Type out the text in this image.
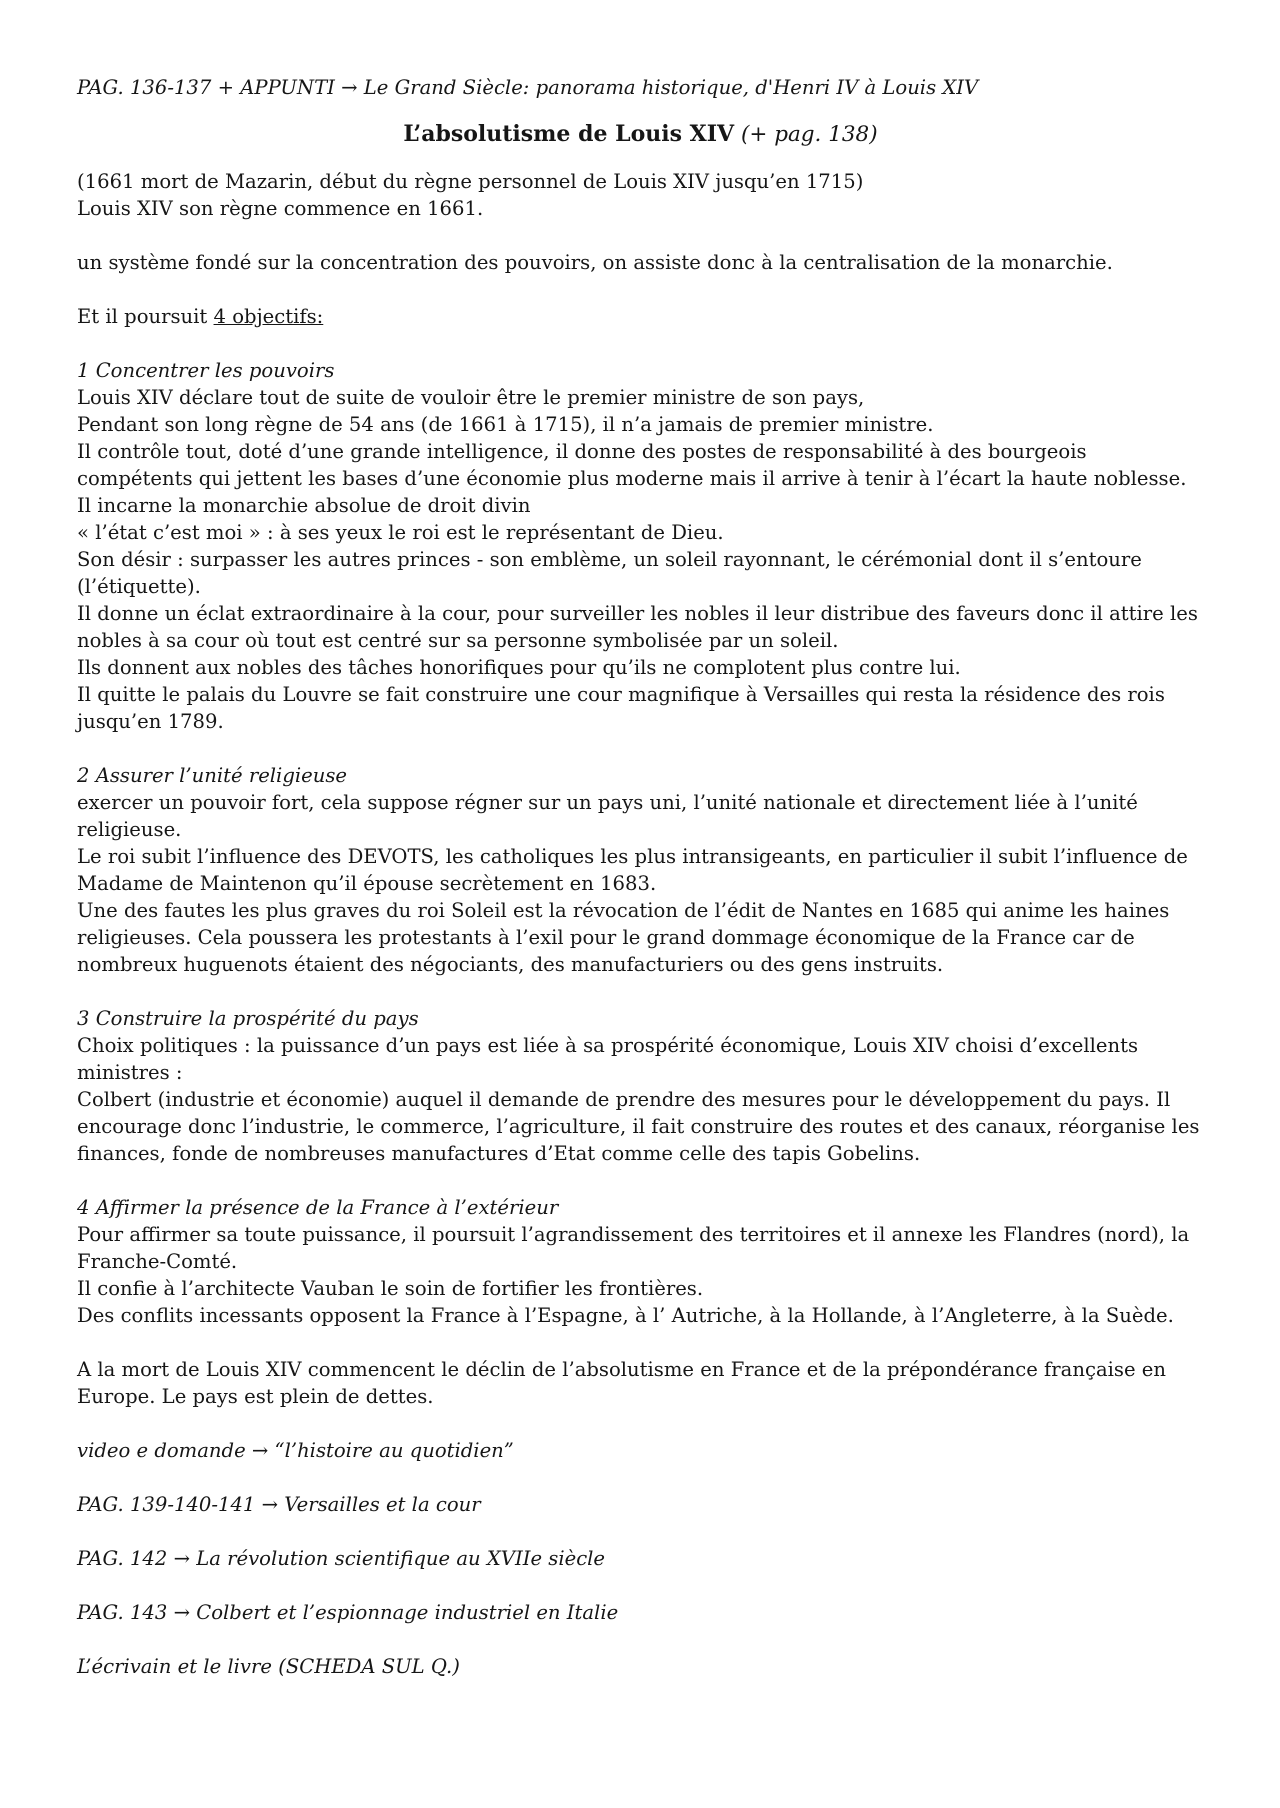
PAG. 136-137 + APPUNTI → Le Grand Siècle: panorama historique, d'Henri IV à Louis XIV
L’absolutisme de Louis XIV (+ pag. 138)
(1661 mort de Mazarin, début du règne personnel de Louis XIV jusqu’en 1715)
Louis XIV son règne commence en 1661.
un système fondé sur la concentration des pouvoirs, on assiste donc à la centralisation de la monarchie.
Et il poursuit 4 objectifs:
1 Concentrer les pouvoirs
Louis XIV déclare tout de suite de vouloir être le premier ministre de son pays,
Pendant son long règne de 54 ans (de 1661 à 1715), il n’a jamais de premier ministre.
Il contrôle tout, doté d’une grande intelligence, il donne des postes de responsabilité à des bourgeois compétents qui jettent les bases d’une économie plus moderne mais il arrive à tenir à l’écart la haute noblesse.
Il incarne la monarchie absolue de droit divin
« l’état c’est moi » : à ses yeux le roi est le représentant de Dieu.
Son désir : surpasser les autres princes - son emblème, un soleil rayonnant, le cérémonial dont il s’entoure (l’étiquette).
Il donne un éclat extraordinaire à la cour, pour surveiller les nobles il leur distribue des faveurs donc il attire les nobles à sa cour où tout est centré sur sa personne symbolisée par un soleil.
Ils donnent aux nobles des tâches honorifiques pour qu’ils ne complotent plus contre lui.
Il quitte le palais du Louvre se fait construire une cour magnifique à Versailles qui resta la résidence des rois jusqu’en 1789.
2 Assurer l’unité religieuse
exercer un pouvoir fort, cela suppose régner sur un pays uni, l’unité nationale et directement liée à l’unité religieuse.
Le roi subit l’influence des DEVOTS, les catholiques les plus intransigeants, en particulier il subit l’influence de Madame de Maintenon qu’il épouse secrètement en 1683.
Une des fautes les plus graves du roi Soleil est la révocation de l’édit de Nantes en 1685 qui anime les haines religieuses. Cela poussera les protestants à l’exil pour le grand dommage économique de la France car de nombreux huguenots étaient des négociants, des manufacturiers ou des gens instruits.
3 Construire la prospérité du pays
Choix politiques : la puissance d’un pays est liée à sa prospérité économique, Louis XIV choisi d’excellents ministres :
Colbert (industrie et économie) auquel il demande de prendre des mesures pour le développement du pays. Il encourage donc l’industrie, le commerce, l’agriculture, il fait construire des routes et des canaux, réorganise les finances, fonde de nombreuses manufactures d’Etat comme celle des tapis Gobelins.
4 Affirmer la présence de la France à l’extérieur
Pour affirmer sa toute puissance, il poursuit l’agrandissement des territoires et il annexe les Flandres (nord), la Franche-Comté.
Il confie à l’architecte Vauban le soin de fortifier les frontières.
Des conflits incessants opposent la France à l’Espagne, à l’ Autriche, à la Hollande, à l’Angleterre, à la Suède.
A la mort de Louis XIV commencent le déclin de l’absolutisme en France et de la prépondérance française en Europe. Le pays est plein de dettes.
video e domande → “l’histoire au quotidien”
PAG. 139-140-141 → Versailles et la cour
PAG. 142 → La révolution scientifique au XVIIe siècle
PAG. 143 → Colbert et l’espionnage industriel en Italie
L’écrivain et le livre (SCHEDA SUL Q.)
